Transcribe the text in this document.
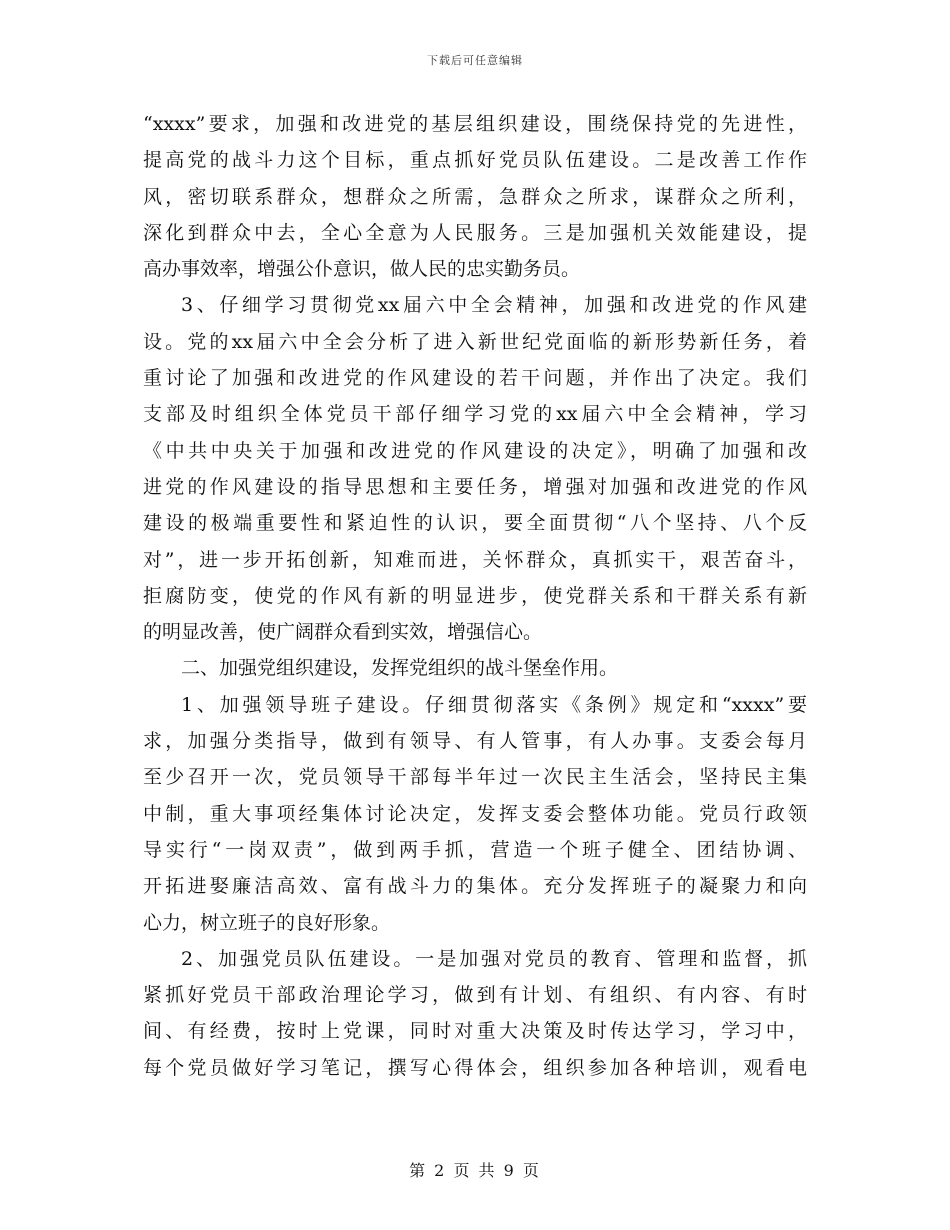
下载后可任意编辑
“xxxx”要求，加强和改进党的基层组织建设，围绕保持党的先进性，
提高党的战斗力这个目标，重点抓好党员队伍建设。二是改善工作作
风，密切联系群众，想群众之所需，急群众之所求，谋群众之所利，
深化到群众中去，全心全意为人民服务。三是加强机关效能建设，提
高办事效率，增强公仆意识，做人民的忠实勤务员。
3、仔细学习贯彻党xx届六中全会精神，加强和改进党的作风建
设。党的xx届六中全会分析了进入新世纪党面临的新形势新任务，着
重讨论了加强和改进党的作风建设的若干问题，并作出了决定。我们
支部及时组织全体党员干部仔细学习党的xx届六中全会精神，学习
《中共中央关于加强和改进党的作风建设的决定》，明确了加强和改
进党的作风建设的指导思想和主要任务，增强对加强和改进党的作风
建设的极端重要性和紧迫性的认识，要全面贯彻“八个坚持、八个反
对”，进一步开拓创新，知难而进，关怀群众，真抓实干，艰苦奋斗，
拒腐防变，使党的作风有新的明显进步，使党群关系和干群关系有新
的明显改善，使广阔群众看到实效，增强信心。
二、加强党组织建设，发挥党组织的战斗堡垒作用。
1、加强领导班子建设。仔细贯彻落实《条例》规定和“xxxx”要
求，加强分类指导，做到有领导、有人管事，有人办事。支委会每月
至少召开一次，党员领导干部每半年过一次民主生活会，坚持民主集
中制，重大事项经集体讨论决定，发挥支委会整体功能。党员行政领
导实行“一岗双责”，做到两手抓，营造一个班子健全、团结协调、
开拓进娶廉洁高效、富有战斗力的集体。充分发挥班子的凝聚力和向
心力，树立班子的良好形象。
2、加强党员队伍建设。一是加强对党员的教育、管理和监督，抓
紧抓好党员干部政治理论学习，做到有计划、有组织、有内容、有时
间、有经费，按时上党课，同时对重大决策及时传达学习，学习中，
每个党员做好学习笔记，撰写心得体会，组织参加各种培训，观看电
第 2 页 共 9 页
